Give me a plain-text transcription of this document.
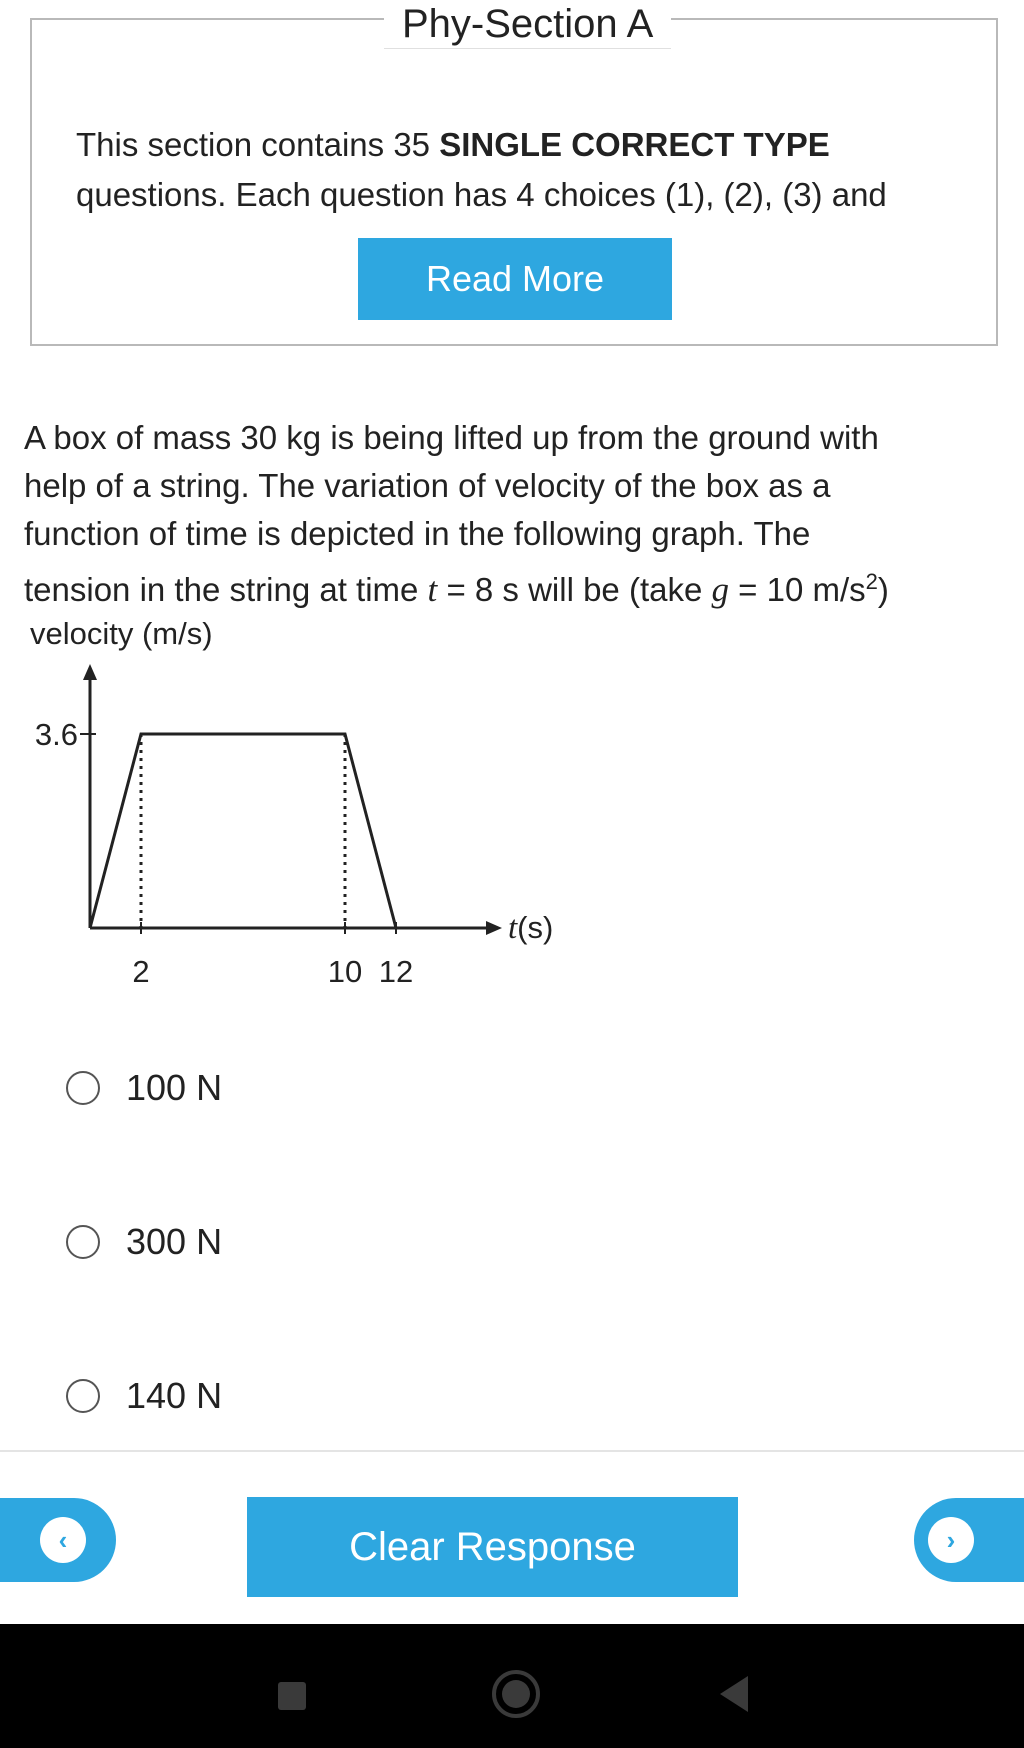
Phy-Section A
This section contains 35 SINGLE CORRECT TYPE questions. Each question has 4 choices (1), (2), (3) and
Read More
A box of mass 30 kg is being lifted up from the ground with
help of a string. The variation of velocity of the box as a
function of time is depicted in the following graph. The
tension in the string at time t = 8 s will be (take g = 10 $m/s^2$)
velocity (m/s)
t(s)
2	10 12
3.6
100 N
300 N
140 N
‹	Clear Response	›
